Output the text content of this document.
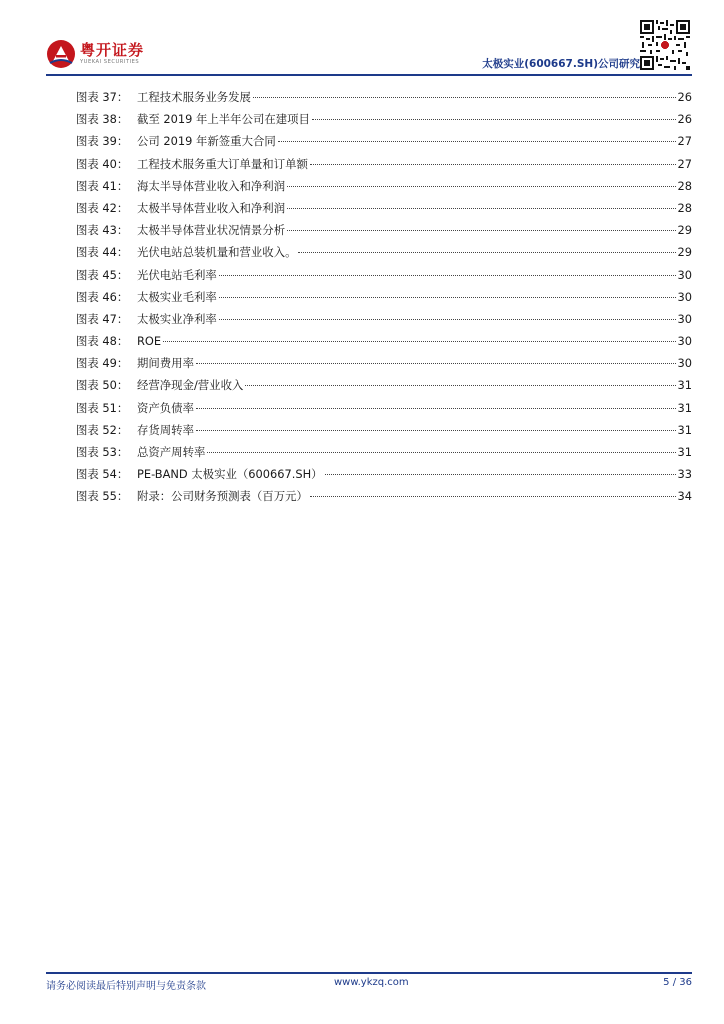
粤开证券
YUEKAI SECURITIES	太极实业(600667.SH)公司研究
图表 37： 工程技术服务业务发展	26
图表 38： 截至 2019 年上半年公司在建项目	26
图表 39： 公司 2019 年新签重大合同	27
图表 40： 工程技术服务重大订单量和订单额	27
图表 41： 海太半导体营业收入和净利润	28
图表 42： 太极半导体营业收入和净利润	28
图表 43： 太极半导体营业状况情景分析	29
图表 44： 光伏电站总装机量和营业收入。	29
图表 45： 光伏电站毛利率	30
图表 46： 太极实业毛利率	30
图表 47： 太极实业净利率	30
图表 48： ROE	30
图表 49： 期间费用率	30
图表 50： 经营净现金/营业收入	31
图表 51： 资产负债率	31
图表 52： 存货周转率	31
图表 53： 总资产周转率	31
图表 54： PE-BAND 太极实业（600667.SH）	33
图表 55： 附录：公司财务预测表（百万元）	34
请务必阅读最后特别声明与免责条款	www.ykzq.com	5 / 36
